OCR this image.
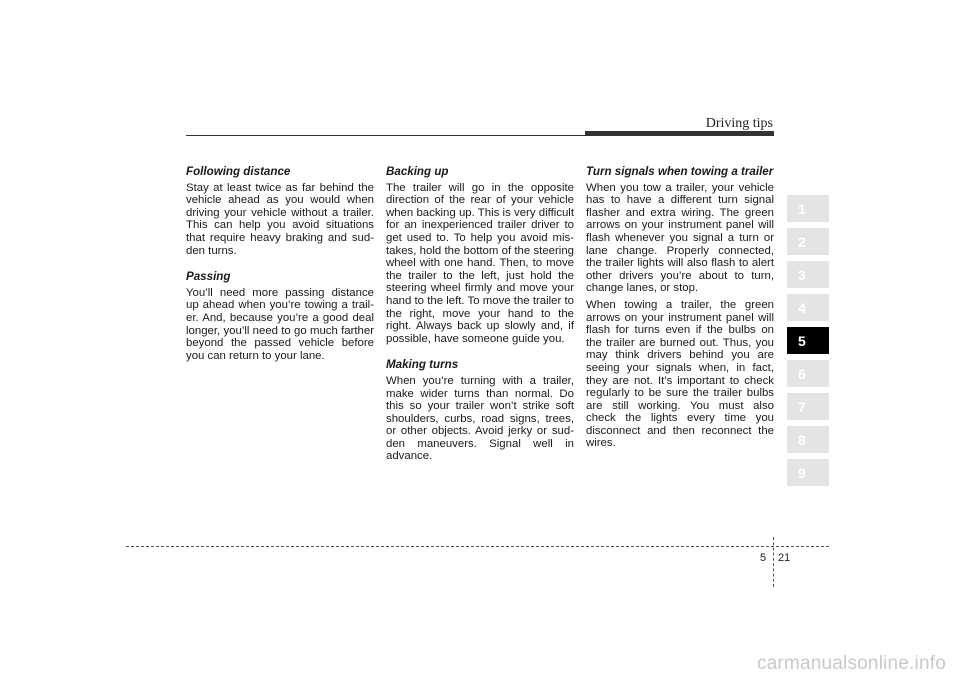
Driving tips

Following distance

Stay at least twice as far behind the vehicle ahead as you would when driving your vehicle without a trailer. This can help you avoid situations that require heavy braking and sud-den turns.

Passing

You’ll need more passing distance up ahead when you’re towing a trail-er. And, because you’re a good deal longer, you’ll need to go much farther beyond the passed vehicle before you can return to your lane.

Backing up

The trailer will go in the opposite direction of the rear of your vehicle when backing up. This is very difficult for an inexperienced trailer driver to get used to. To help you avoid mis-takes, hold the bottom of the steering wheel with one hand. Then, to move the trailer to the left, just hold the steering wheel firmly and move your hand to the left. To move the trailer to the right, move your hand to the right. Always back up slowly and, if possible, have someone guide you.

Making turns

When you’re turning with a trailer, make wider turns than normal. Do this so your trailer won’t strike soft shoulders, curbs, road signs, trees, or other objects. Avoid jerky or sud-den maneuvers. Signal well in advance.

Turn signals when towing a trailer

When you tow a trailer, your vehicle has to have a different turn signal flasher and extra wiring. The green arrows on your instrument panel will flash whenever you signal a turn or lane change. Properly connected, the trailer lights will also flash to alert other drivers you’re about to turn, change lanes, or stop.

When towing a trailer, the green arrows on your instrument panel will flash for turns even if the bulbs on the trailer are burned out. Thus, you may think drivers behind you are seeing your signals when, in fact, they are not. It’s important to check regularly to be sure the trailer bulbs are still working. You must also check the lights every time you disconnect and then reconnect the wires.

1
2
3
4
5
6
7
8
9
5 21
carmanualsonline.info
